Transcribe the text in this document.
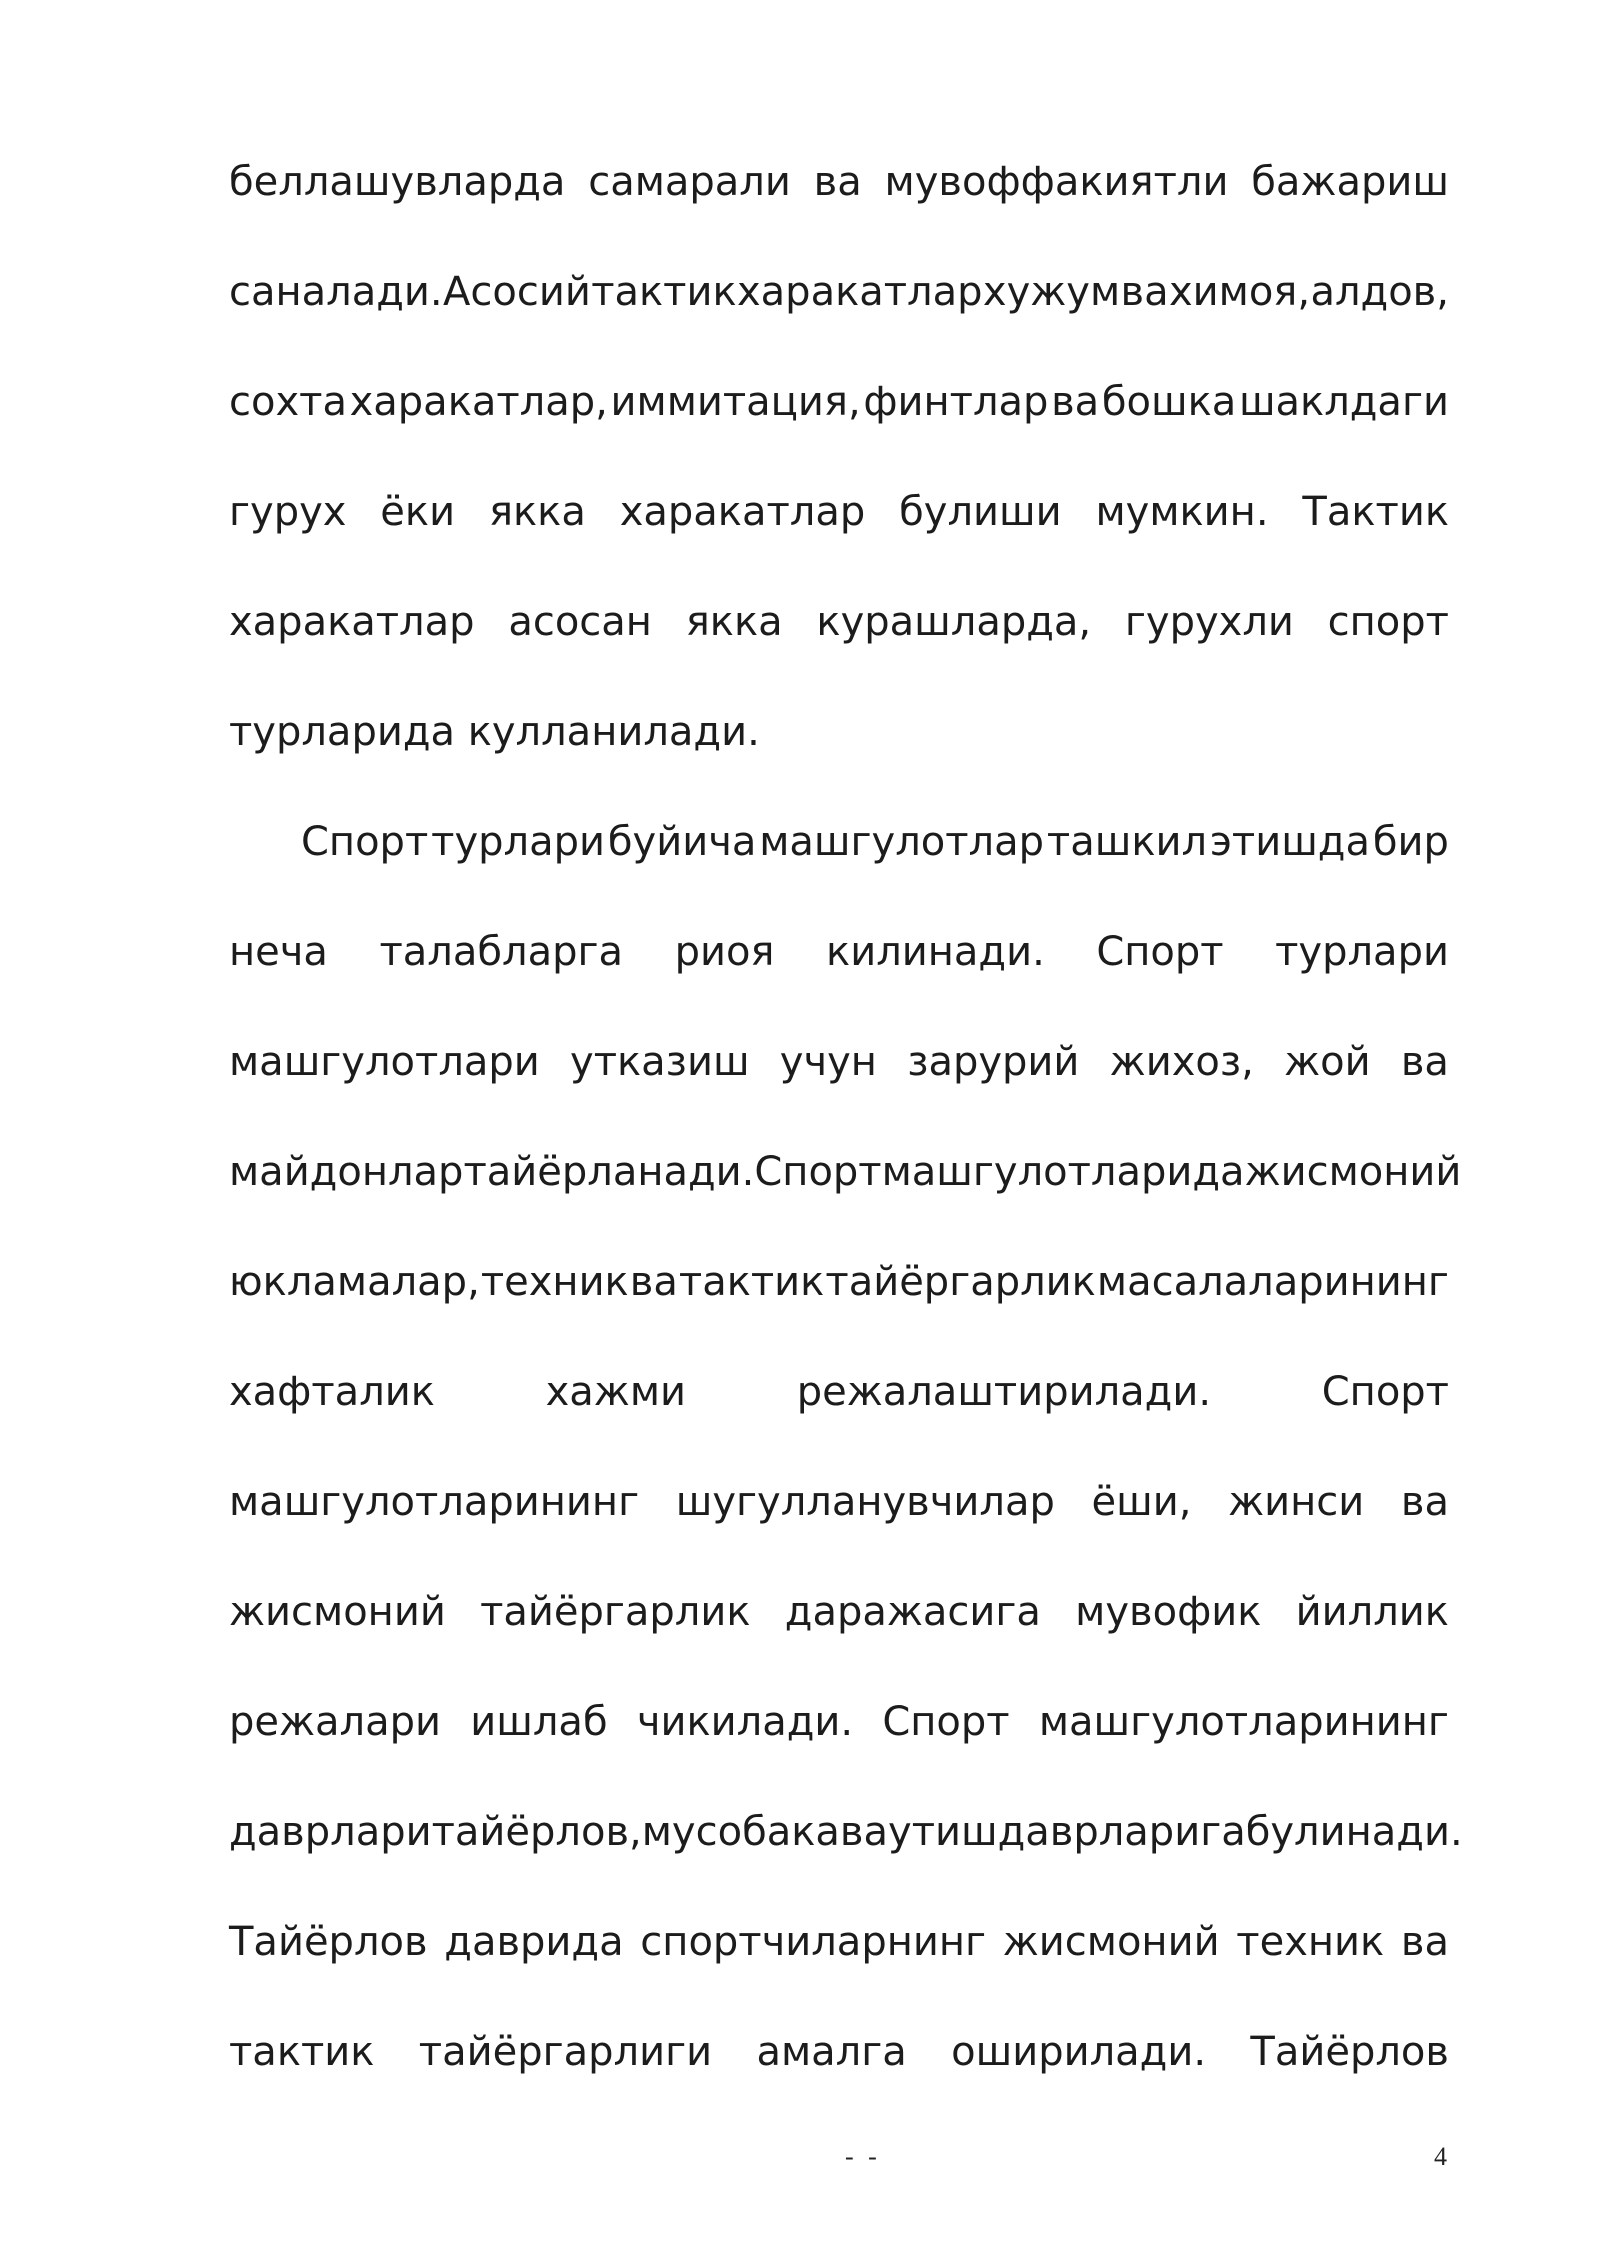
беллашувларда самарали ва мувоффакиятли бажариш
саналади. Асосий тактик харакатлар хужум ва химоя, алдов,
сохта харакатлар, иммитация, финтлар ва бошка шаклдаги
гурух ёки якка харакатлар булиши мумкин. Тактик
харакатлар асосан якка курашларда, гурухли спорт
турларида кулланилади.
Спорт турлари буйича машгулотлар ташкил этишда бир
неча талабларга риоя килинади. Спорт турлари
машгулотлари утказиш учун зарурий жихоз, жой ва
майдонлар тайёрланади. Спорт машгулотларида жисмоний
юкламалар, техник ва тактик тайёргарлик масалаларининг
хафталик	хажми	режалаштирилади.	Спорт
машгулотларининг шугулланувчилар ёши, жинси ва
жисмоний тайёргарлик даражасига мувофик йиллик
режалари ишлаб чикилади. Спорт машгулотларининг
даврлари тайёрлов, мусобака ва утиш даврларига булинади.
Тайёрлов даврида спортчиларнинг жисмоний техник ва
тактик тайёргарлиги амалга оширилади. Тайёрлов
- -	4
